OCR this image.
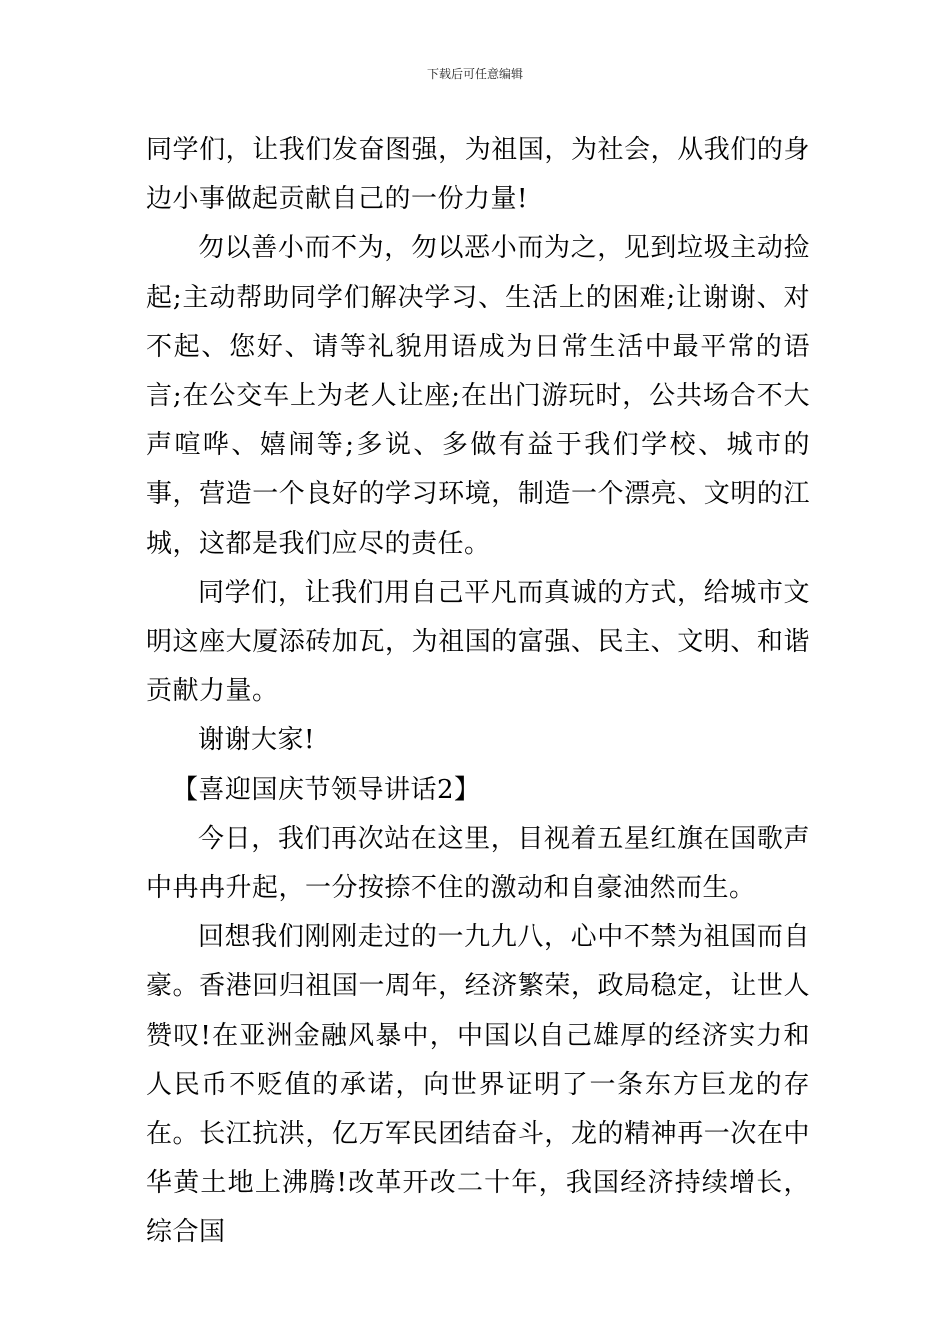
下载后可任意编辑

同学们，让我们发奋图强，为祖国，为社会，从我们的身边小事做起贡献自己的一份力量!

勿以善小而不为，勿以恶小而为之，见到垃圾主动捡起;主动帮助同学们解决学习、生活上的困难;让谢谢、对不起、您好、请等礼貌用语成为日常生活中最平常的语言;在公交车上为老人让座;在出门游玩时，公共场合不大声喧哗、嬉闹等;多说、多做有益于我们学校、城市的事，营造一个良好的学习环境，制造一个漂亮、文明的江城，这都是我们应尽的责任。

同学们，让我们用自己平凡而真诚的方式，给城市文明这座大厦添砖加瓦，为祖国的富强、民主、文明、和谐贡献力量。

谢谢大家!

【喜迎国庆节领导讲话2】

今日，我们再次站在这里，目视着五星红旗在国歌声中冉冉升起，一分按捺不住的激动和自豪油然而生。

回想我们刚刚走过的一九九八，心中不禁为祖国而自豪。香港回归祖国一周年，经济繁荣，政局稳定，让世人赞叹!在亚洲金融风暴中，中国以自己雄厚的经济实力和人民币不贬值的承诺，向世界证明了一条东方巨龙的存在。长江抗洪，亿万军民团结奋斗，龙的精神再一次在中华黄土地上沸腾!改革开改二十年，我国经济持续增长，综合国
